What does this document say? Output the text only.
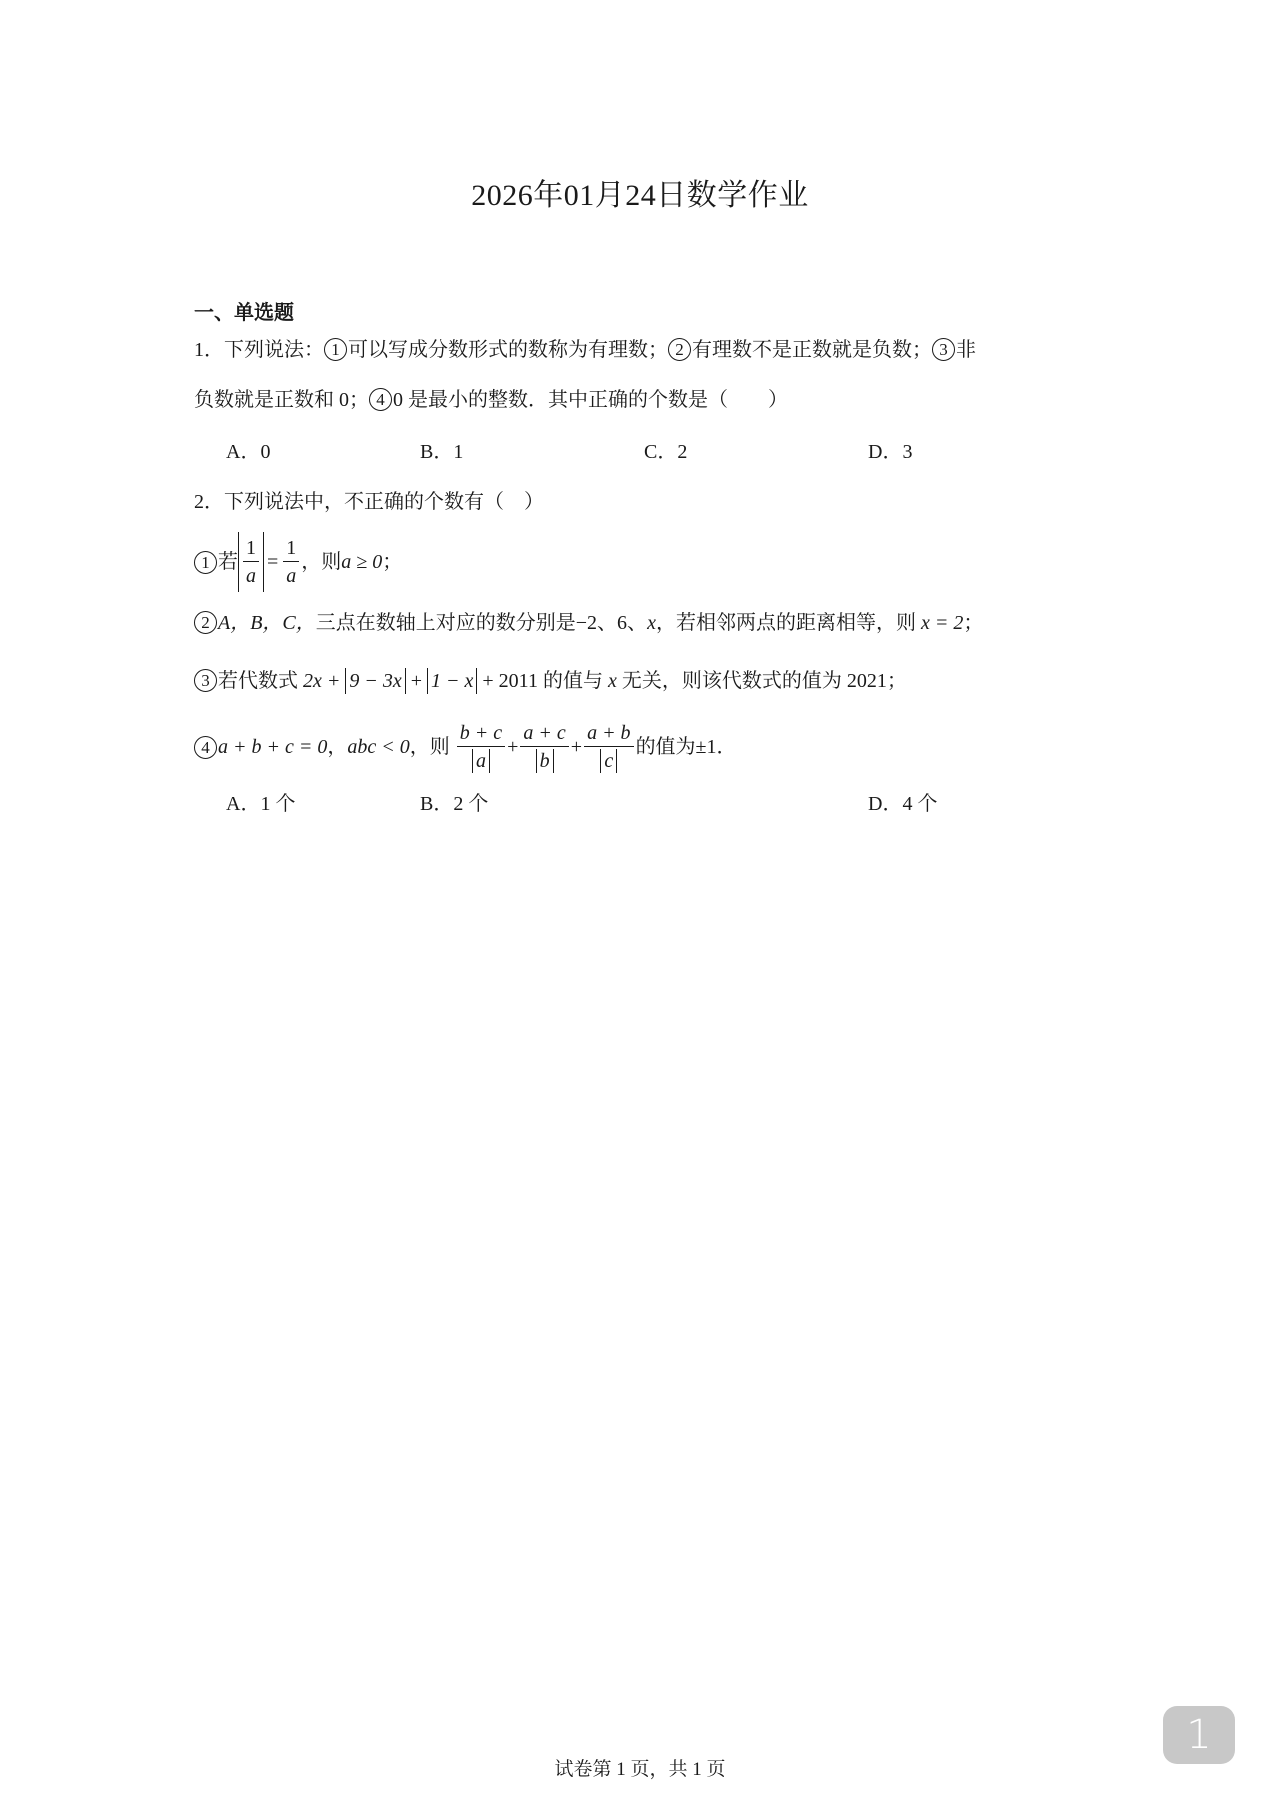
2026年01月24日数学作业
一、单选题
1．下列说法： 1 可以写成分数形式的数称为有理数； 2 有理数不是正数就是负数； 3 非
负数就是正数和 0； 4 0 是最小的整数．其中正确的个数是（　　）
A．0	B．1	C．2	D．3
2．下列说法中，不正确的个数有（　）
1 若 $\frac{1}{a} = \frac{1}{a}$ ，则 a ≥ 0 ；
2 A，B，C，三点在数轴上对应的数分别是−2、6、x，若相邻两点的距离相等，则 x = 2；
3 若代数式 2x + 9 − 3x + 1 − x + 2011 的值与 x 无关，则该代数式的值为 2021；
4 a + b + c = 0 ， abc < 0 ，则 $\frac{b + c}{a} + \frac{a + c}{b} + \frac{a + b}{c}$ 的值为±1．
A．1 个	B．2 个	D．4 个
试卷第 1 页，共 1 页
1
